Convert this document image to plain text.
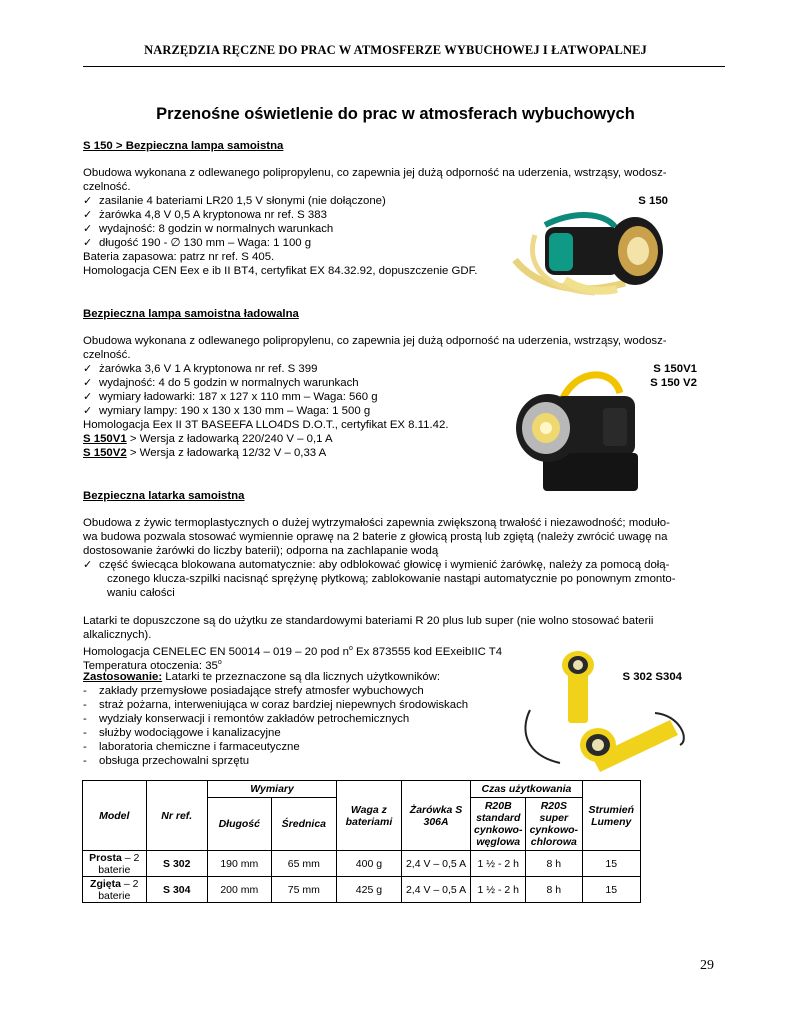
NARZĘDZIA RĘCZNE DO PRAC W ATMOSFERZE WYBUCHOWEJ I ŁATWOPALNEJ
Przenośne oświetlenie do prac w atmosferach wybuchowych
S 150 > Bezpieczna lampa samoistna
Obudowa wykonana z odlewanego polipropylenu, co zapewnia jej dużą odporność na uderzenia, wstrząsy, wodosz-
czelność.
✓ zasilanie 4 bateriami LR20 1,5 V słonymi (nie dołączone)
✓ żarówka 4,8 V 0,5 A kryptonowa nr ref. S 383
✓ wydajność: 8 godzin w normalnych warunkach
✓ długość 190 - ∅ 130 mm – Waga: 1 100 g
Bateria zapasowa: patrz nr ref. S 405.
Homologacja CEN Eex e ib II BT4, certyfikat EX 84.32.92, dopuszczenie GDF.
S 150
Bezpieczna lampa samoistna ładowalna
Obudowa wykonana z odlewanego polipropylenu, co zapewnia jej dużą odporność na uderzenia, wstrząsy, wodosz-
czelność.
✓ żarówka 3,6 V 1 A kryptonowa nr ref. S 399
✓ wydajność: 4 do 5 godzin w normalnych warunkach
✓ wymiary ładowarki: 187 x 127 x 110 mm – Waga: 560 g
✓ wymiary lampy: 190 x 130 x 130 mm – Waga: 1 500 g
Homologacja Eex II 3T BASEEFA LLO4DS D.O.T., certyfikat EX 8.11.42.
S 150V1 > Wersja z ładowarką 220/240 V – 0,1 A
S 150V2 > Wersja z ładowarką 12/32 V – 0,33 A
S 150V1
S 150 V2
Bezpieczna latarka samoistna
Obudowa z żywic termoplastycznych o dużej wytrzymałości zapewnia zwiększoną trwałość i niezawodność; moduło-
wa budowa pozwala stosować wymiennie oprawę na 2 baterie z głowicą prostą lub zgiętą (należy zwrócić uwagę na
dostosowanie żarówki do liczby baterii); odporna na zachlapanie wodą
✓ część świecąca blokowana automatycznie: aby odblokować głowicę i wymienić żarówkę, należy za pomocą dołą-
czonego klucza-szpilki nacisnąć sprężynę płytkową; zablokowanie nastąpi automatycznie po ponownym zmonto-
waniu całości
Latarki te dopuszczone są do użytku ze standardowymi bateriami R 20 plus lub super (nie wolno stosować baterii
alkalicznych).
Homologacja CENELEC EN 50014 – 019 – 20 pod $n^o$ Ex 873555 kod EExeibIIC T4
Temperatura otoczenia: 35$^o$
Zastosowanie: Latarki te przeznaczone są dla licznych użytkowników:	S 302 S304
- zakłady przemysłowe posiadające strefy atmosfer wybuchowych
- straż pożarna, interweniująca w coraz bardziej niepewnych środowiskach
- wydziały konserwacji i remontów zakładów petrochemicznych
- służby wodociągowe i kanalizacyjne
- laboratoria chemiczne i farmaceutyczne
- obsługa przechowalni sprzętu
Model	Nr ref.	Wymiary		Waga z bateriami	Żarówka S 306A	Czas użytkowania		Strumień Lumeny
		Długość	Średnica			R20B standard cynkowo-węglowa	R20S super cynkowo-chlorowa	
Prosta – 2 baterie	S 302	190 mm	65 mm	400 g	2,4 V – 0,5 A	1 ½ - 2 h	8 h	15
Zgięta – 2 baterie	S 304	200 mm	75 mm	425 g	2,4 V – 0,5 A	1 ½ - 2 h	8 h	15
29
